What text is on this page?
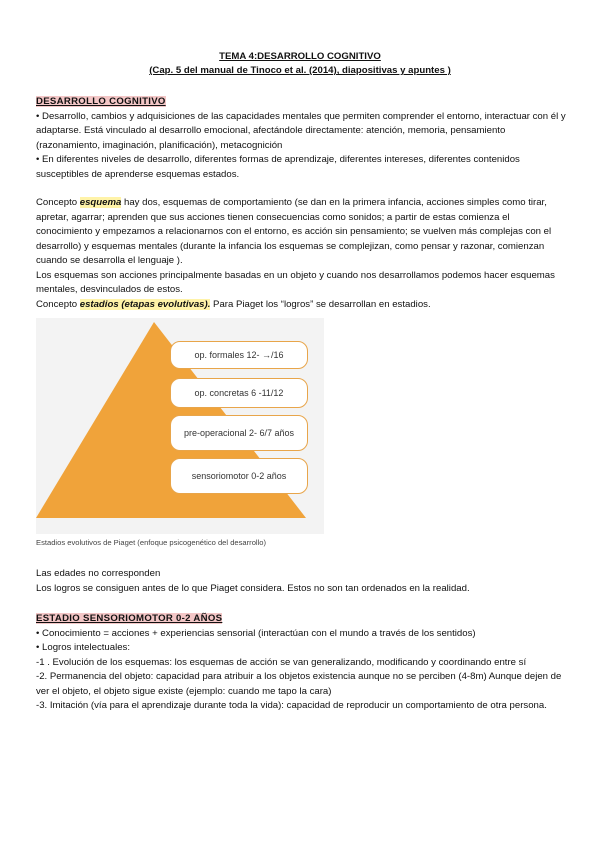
TEMA 4:DESARROLLO COGNITIVO
(Cap. 5 del manual de Tinoco et al. (2014), diapositivas y apuntes )

DESARROLLO COGNITIVO

• Desarrollo, cambios y adquisiciones de las capacidades mentales que permiten comprender el entorno, interactuar con él y adaptarse. Está vinculado al desarrollo emocional, afectándole directamente: atención, memoria, pensamiento (razonamiento, imaginación, planificación), metacognición

• En diferentes niveles de desarrollo, diferentes formas de aprendizaje, diferentes intereses, diferentes contenidos susceptibles de aprenderse esquemas estados.

Concepto esquema hay dos, esquemas de comportamiento (se dan en la primera infancia, acciones simples como tirar, apretar, agarrar; aprenden que sus acciones tienen consecuencias como sonidos; a partir de estas comienza el conocimiento y empezamos a relacionarnos con el entorno, es acción sin pensamiento; se vuelven más complejas con el desarrollo) y esquemas mentales (durante la infancia los esquemas se complejizan, como pensar y razonar, comienzan cuando se desarrolla el lenguaje ).

Los esquemas son acciones principalmente basadas en un objeto y cuando nos desarrollamos podemos hacer esquemas mentales, desvinculados de estos.

Concepto estadios (etapas evolutivas). Para Piaget los “logros” se desarrollan en estadios.

op. formales 12- →/16
op. concretas 6 -11/12
pre-operacional 2- 6/7 años
sensoriomotor 0-2 años
Estadios evolutivos de Piaget (enfoque psicogenético del desarrollo)

Las edades no corresponden

Los logros se consiguen antes de lo que Piaget considera. Estos no son tan ordenados en la realidad.

ESTADIO SENSORIOMOTOR 0-2 AÑOS

• Conocimiento = acciones + experiencias sensorial (interactúan con el mundo a través de los sentidos)

• Logros intelectuales:

-1 . Evolución de los esquemas: los esquemas de acción se van generalizando, modificando y coordinando entre sí

-2. Permanencia del objeto: capacidad para atribuir a los objetos existencia aunque no se perciben (4-8m) Aunque dejen de ver el objeto, el objeto sigue existe (ejemplo: cuando me tapo la cara)

-3. Imitación (vía para el aprendizaje durante toda la vida): capacidad de reproducir un comportamiento de otra persona.
